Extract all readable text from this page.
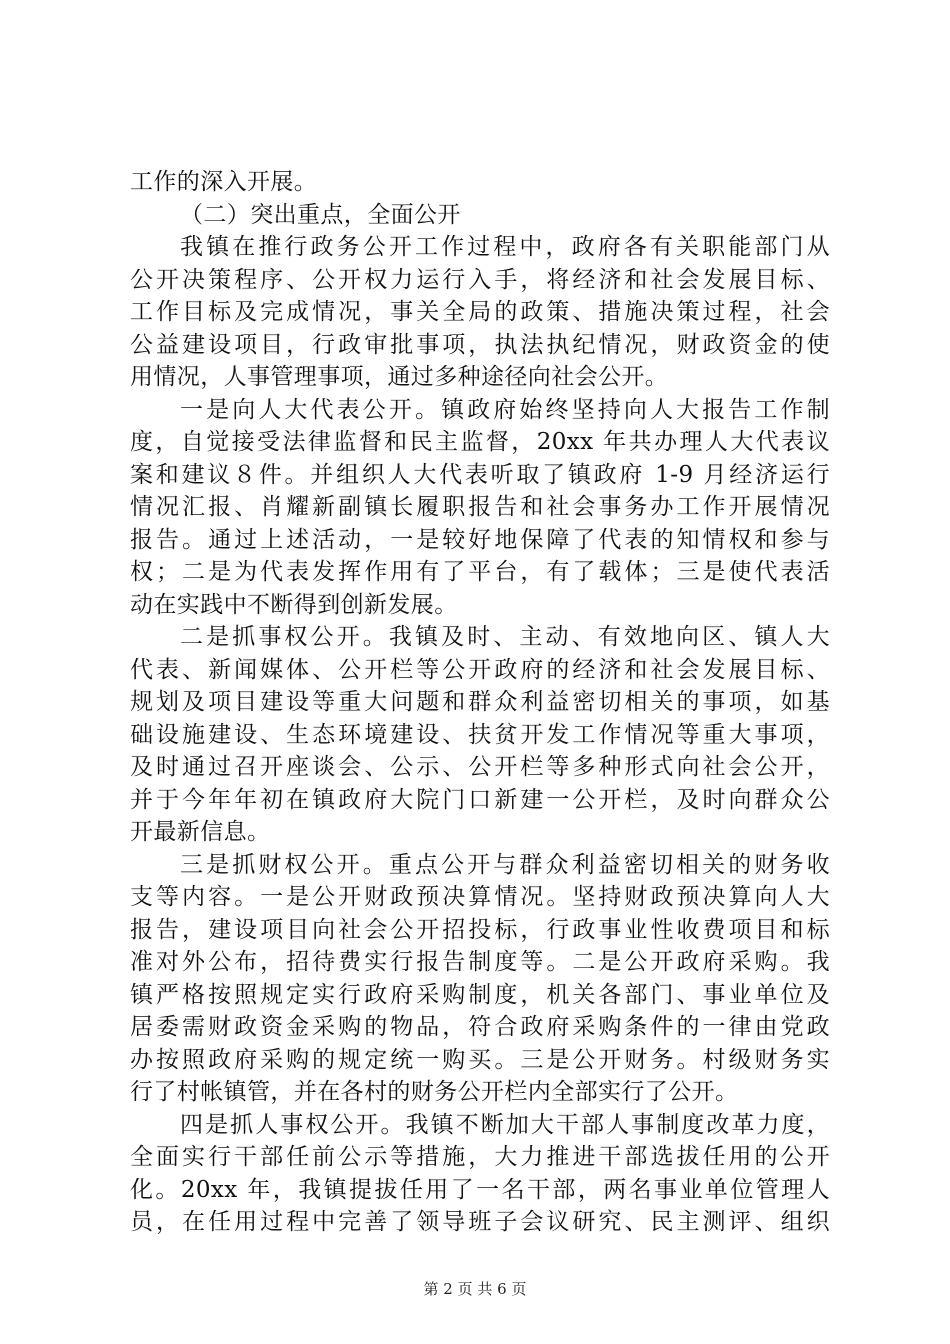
工作的深入开展。
（二）突出重点，全面公开
我镇在推行政务公开工作过程中，政府各有关职能部门从
公开决策程序、公开权力运行入手，将经济和社会发展目标、
工作目标及完成情况，事关全局的政策、措施决策过程，社会
公益建设项目，行政审批事项，执法执纪情况，财政资金的使
用情况，人事管理事项，通过多种途径向社会公开。
一是向人大代表公开。镇政府始终坚持向人大报告工作制
度，自觉接受法律监督和民主监督，20xx 年共办理人大代表议
案和建议８件。并组织人大代表听取了镇政府 1-9 月经济运行
情况汇报、肖耀新副镇长履职报告和社会事务办工作开展情况
报告。通过上述活动，一是较好地保障了代表的知情权和参与
权；二是为代表发挥作用有了平台，有了载体；三是使代表活
动在实践中不断得到创新发展。
二是抓事权公开。我镇及时、主动、有效地向区、镇人大
代表、新闻媒体、公开栏等公开政府的经济和社会发展目标、
规划及项目建设等重大问题和群众利益密切相关的事项，如基
础设施建设、生态环境建设、扶贫开发工作情况等重大事项，
及时通过召开座谈会、公示、公开栏等多种形式向社会公开，
并于今年年初在镇政府大院门口新建一公开栏，及时向群众公
开最新信息。
三是抓财权公开。重点公开与群众利益密切相关的财务收
支等内容。一是公开财政预决算情况。坚持财政预决算向人大
报告，建设项目向社会公开招投标，行政事业性收费项目和标
准对外公布，招待费实行报告制度等。二是公开政府采购。我
镇严格按照规定实行政府采购制度，机关各部门、事业单位及
居委需财政资金采购的物品，符合政府采购条件的一律由党政
办按照政府采购的规定统一购买。三是公开财务。村级财务实
行了村帐镇管，并在各村的财务公开栏内全部实行了公开。
四是抓人事权公开。我镇不断加大干部人事制度改革力度，
全面实行干部任前公示等措施，大力推进干部选拔任用的公开
化。20xx 年，我镇提拔任用了一名干部，两名事业单位管理人
员，在任用过程中完善了领导班子会议研究、民主测评、组织
第 2 页 共 6 页
